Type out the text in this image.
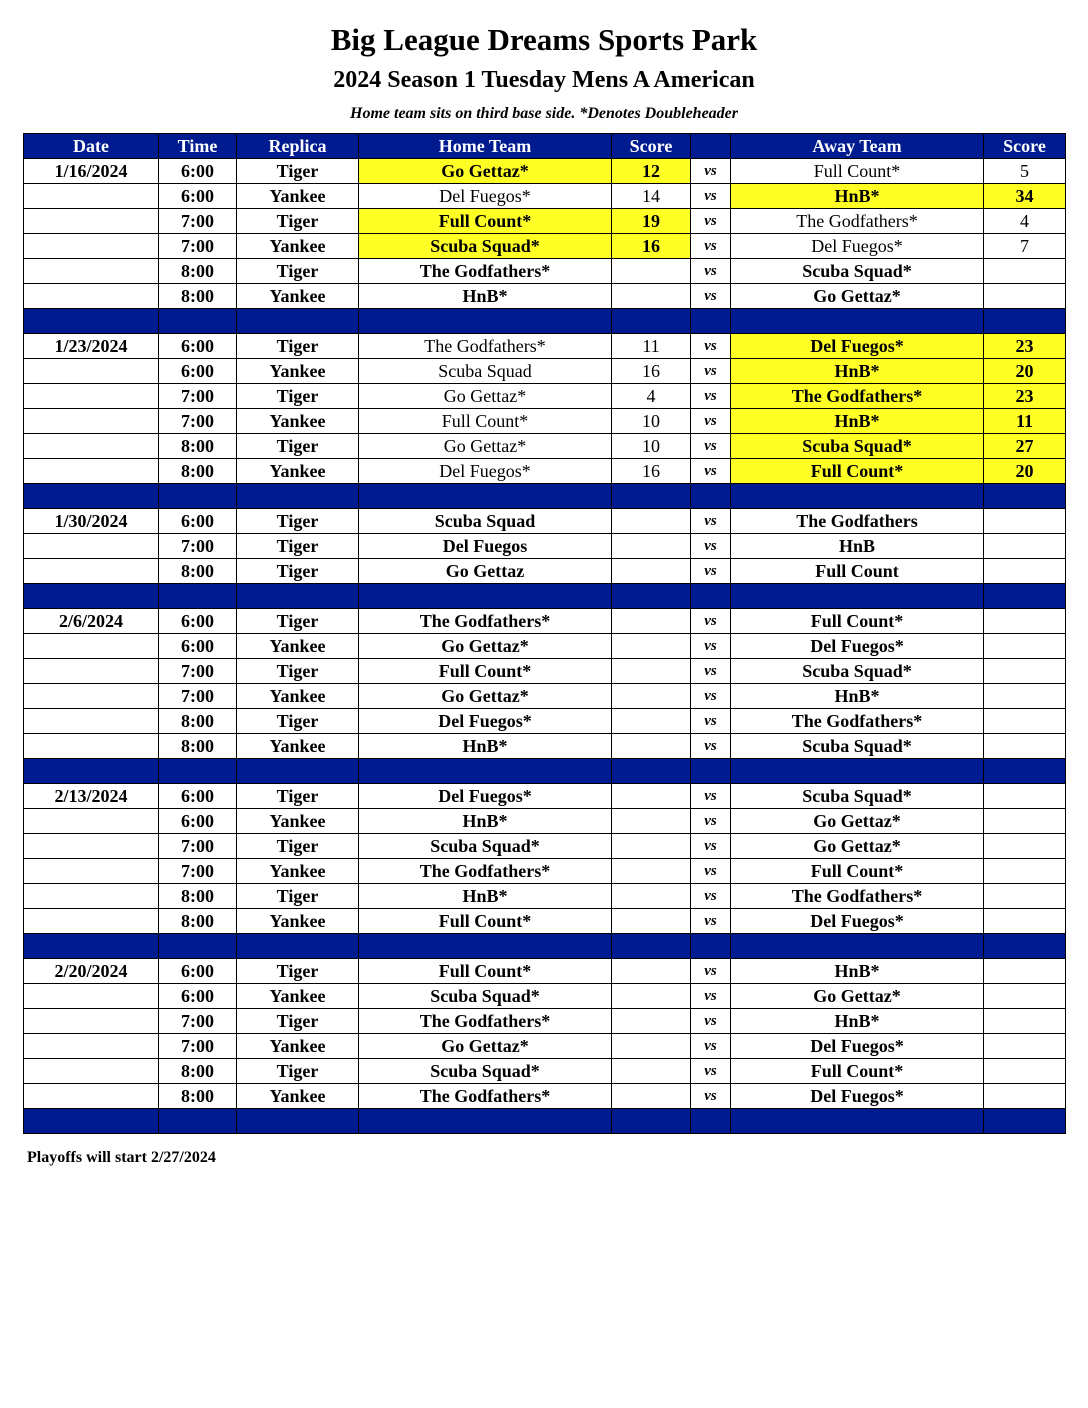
Big League Dreams Sports Park
2024 Season 1 Tuesday Mens A American
Home team sits on third base side. *Denotes Doubleheader
Date	Time	Replica	Home Team	Score		Away Team	Score
1/16/2024	6:00	Tiger	Go Gettaz*	12	vs	Full Count*	5
	6:00	Yankee	Del Fuegos*	14	vs	HnB*	34
	7:00	Tiger	Full Count*	19	vs	The Godfathers*	4
	7:00	Yankee	Scuba Squad*	16	vs	Del Fuegos*	7
	8:00	Tiger	The Godfathers*		vs	Scuba Squad*	
	8:00	Yankee	HnB*		vs	Go Gettaz*	

1/23/2024	6:00	Tiger	The Godfathers*	11	vs	Del Fuegos*	23
	6:00	Yankee	Scuba Squad	16	vs	HnB*	20
	7:00	Tiger	Go Gettaz*	4	vs	The Godfathers*	23
	7:00	Yankee	Full Count*	10	vs	HnB*	11
	8:00	Tiger	Go Gettaz*	10	vs	Scuba Squad*	27
	8:00	Yankee	Del Fuegos*	16	vs	Full Count*	20

1/30/2024	6:00	Tiger	Scuba Squad		vs	The Godfathers	
	7:00	Tiger	Del Fuegos		vs	HnB	
	8:00	Tiger	Go Gettaz		vs	Full Count	

2/6/2024	6:00	Tiger	The Godfathers*		vs	Full Count*	
	6:00	Yankee	Go Gettaz*		vs	Del Fuegos*	
	7:00	Tiger	Full Count*		vs	Scuba Squad*	
	7:00	Yankee	Go Gettaz*		vs	HnB*	
	8:00	Tiger	Del Fuegos*		vs	The Godfathers*	
	8:00	Yankee	HnB*		vs	Scuba Squad*	

2/13/2024	6:00	Tiger	Del Fuegos*		vs	Scuba Squad*	
	6:00	Yankee	HnB*		vs	Go Gettaz*	
	7:00	Tiger	Scuba Squad*		vs	Go Gettaz*	
	7:00	Yankee	The Godfathers*		vs	Full Count*	
	8:00	Tiger	HnB*		vs	The Godfathers*	
	8:00	Yankee	Full Count*		vs	Del Fuegos*	

2/20/2024	6:00	Tiger	Full Count*		vs	HnB*	
	6:00	Yankee	Scuba Squad*		vs	Go Gettaz*	
	7:00	Tiger	The Godfathers*		vs	HnB*	
	7:00	Yankee	Go Gettaz*		vs	Del Fuegos*	
	8:00	Tiger	Scuba Squad*		vs	Full Count*	
	8:00	Yankee	The Godfathers*		vs	Del Fuegos*	

Playoffs will start 2/27/2024
